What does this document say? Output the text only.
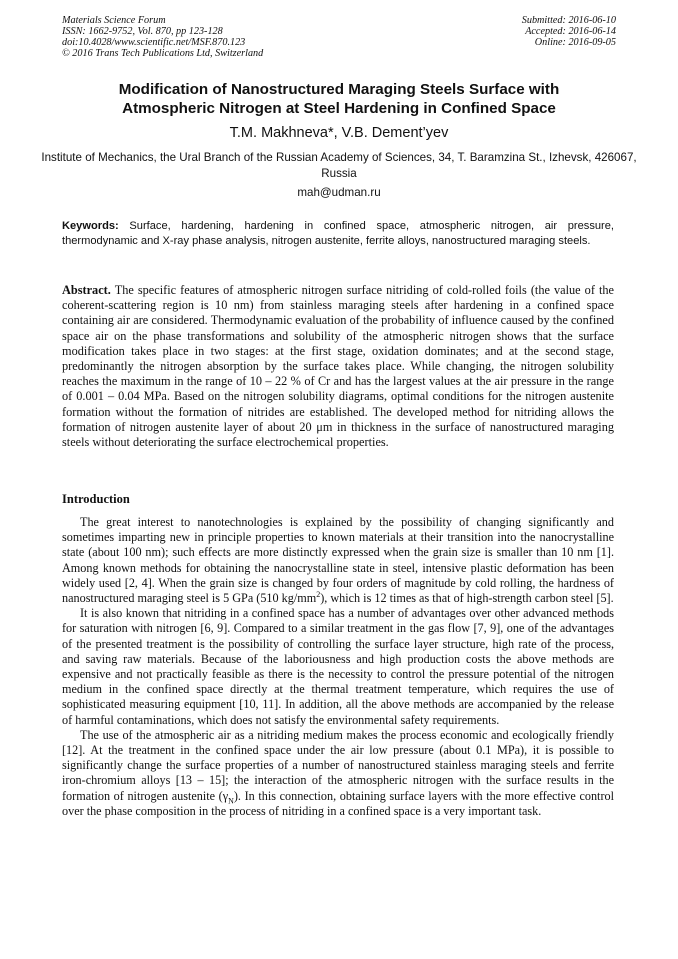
Materials Science Forum
ISSN: 1662-9752, Vol. 870, pp 123-128
doi:10.4028/www.scientific.net/MSF.870.123
© 2016 Trans Tech Publications Ltd, Switzerland
Submitted: 2016-06-10
Accepted: 2016-06-14
Online: 2016-09-05
Modification of Nanostructured Maraging Steels Surface with
Atmospheric Nitrogen at Steel Hardening in Confined Space
T.M. Makhneva*, V.B. Dement’yev
Institute of Mechanics, the Ural Branch of the Russian Academy of Sciences, 34, T. Baramzina St., Izhevsk, 426067, Russia
mah@udman.ru
Keywords: Surface, hardening, hardening in confined space, atmospheric nitrogen, air pressure, thermodynamic and X-ray phase analysis, nitrogen austenite, ferrite alloys, nanostructured maraging steels.
Abstract. The specific features of atmospheric nitrogen surface nitriding of cold-rolled foils (the value of the coherent-scattering region is 10 nm) from stainless maraging steels after hardening in a confined space containing air are considered. Thermodynamic evaluation of the probability of influence caused by the confined space air on the phase transformations and solubility of the atmospheric nitrogen shows that the surface modification takes place in two stages: at the first stage, oxidation dominates; and at the second stage, predominantly the nitrogen absorption by the surface takes place. While changing, the nitrogen solubility reaches the maximum in the range of 10 – 22 % of Cr and has the largest values at the air pressure in the range of 0.001 – 0.04 MPa. Based on the nitrogen solubility diagrams, optimal conditions for the nitrogen austenite formation without the formation of nitrides are established. The developed method for nitriding allows the formation of nitrogen austenite layer of about 20 μm in thickness in the surface of nanostructured maraging steels without deteriorating the surface electrochemical properties.
Introduction

The great interest to nanotechnologies is explained by the possibility of changing significantly and sometimes imparting new in principle properties to known materials at their transition into the nanocrystalline state (about 100 nm); such effects are more distinctly expressed when the grain size is smaller than 10 nm [1]. Among known methods for obtaining the nanocrystalline state in steel, intensive plastic deformation has been widely used [2, 4]. When the grain size is changed by four orders of magnitude by cold rolling, the hardness of nanostructured maraging steel is 5 GPa (510 $kg/mm^2$), which is 12 times as that of high-strength carbon steel [5].

It is also known that nitriding in a confined space has a number of advantages over other advanced methods for saturation with nitrogen [6, 9]. Compared to a similar treatment in the gas flow [7, 9], one of the advantages of the presented treatment is the possibility of controlling the surface layer structure, high rate of the process, and saving raw materials. Because of the laboriousness and high production costs the above methods are expensive and not practically feasible as there is the necessity to control the pressure potential of the nitrogen medium in the confined space directly at the thermal treatment temperature, which requires the use of sophisticated measuring equipment [10, 11]. In addition, all the above methods are accompanied by the release of harmful contaminations, which does not satisfy the environmental safety requirements.

The use of the atmospheric air as a nitriding medium makes the process economic and ecologically friendly [12]. At the treatment in the confined space under the air low pressure (about 0.1 MPa), it is possible to significantly change the surface properties of a number of nanostructured stainless maraging steels and ferrite iron-chromium alloys [13 – 15]; the interaction of the atmospheric nitrogen with the surface results in the formation of nitrogen austenite $(\gamma_N)$. In this connection, obtaining surface layers with the more effective control over the phase composition in the process of nitriding in a confined space is a very important task.
